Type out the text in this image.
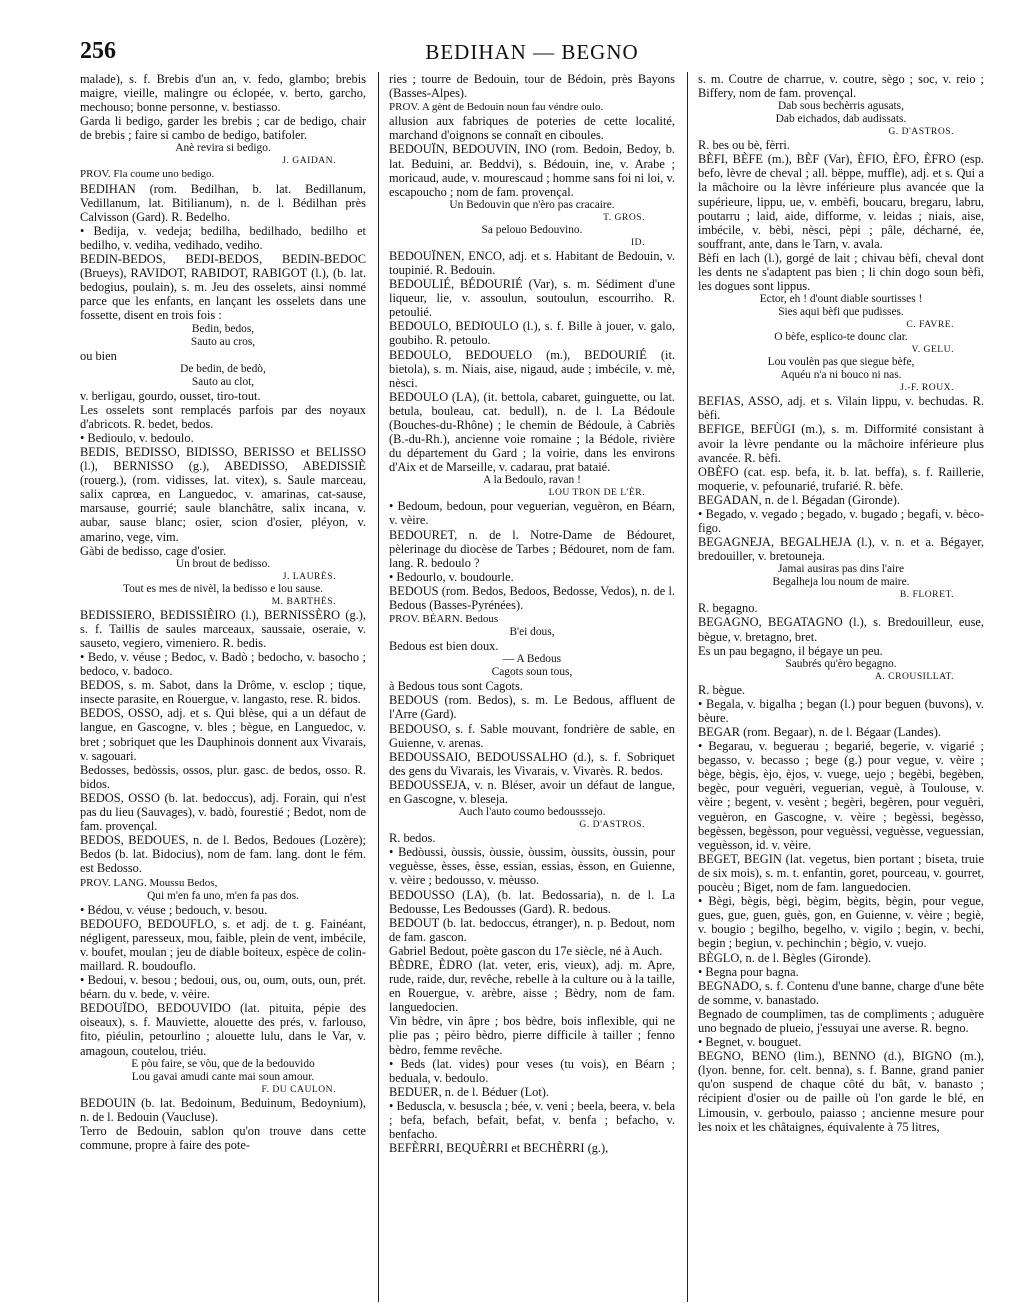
256	BEDIHAN — BEGNO

malade), s. f. Brebis d'un an, v. fedo, glambo; brebis maigre, vieille, malingre ou éclopée, v. berto, garcho, mechouso; bonne personne, v. bestiasso.

Garda li bedigo, garder les brebis ; car de bedigo, chair de brebis ; faire si cambo de bedigo, batifoler.

Anè revira si bedigo.

J. GAIDAN.

PROV. Fla coume uno bedigo.

BEDIHAN (rom. Bedilhan, b. lat. Bedillanum, Vedillanum, lat. Bitilianum), n. de l. Bédilhan près Calvisson (Gard). R. Bedelho.

• Bedija, v. vedeja; bedilha, bedilhado, bedilho et bedilho, v. vediha, vedihado, vediho.

BEDIN-BEDOS, BEDI-BEDOS, BEDIN-BEDOC (Brueys), RAVIDOT, RABIDOT, RABIGOT (l.), (b. lat. bedogius, poulain), s. m. Jeu des osselets, ainsi nommé parce que les enfants, en lançant les osselets dans une fossette, disent en trois fois :

Bedin, bedos,

Sauto au cros,

ou bien

De bedin, de bedò,

Sauto au clot,

v. berligau, gourdo, ousset, tiro-tout.

Les osselets sont remplacés parfois par des noyaux d'abricots. R. bedet, bedos.

• Bedioulo, v. bedoulo.

BEDIS, BEDISSO, BIDISSO, BERISSO et BELISSO (l.), BERNISSO (g.), ABEDISSO, ABEDISSIÈ (rouerg.), (rom. vidisses, lat. vitex), s. Saule marceau, salix caprœa, en Languedoc, v. amarinas, cat-sause, marsause, gourrié; saule blanchâtre, salix incana, v. aubar, sause blanc; osier, scion d'osier, pléyon, v. amarino, vege, vim.

Gàbi de bedisso, cage d'osier.

Un brout de bedisso.

J. LAURÈS.

Tout es mes de nivèl, la bedisso e lou sause.

M. BARTHÉS.

BEDISSIERO, BEDISSIÈIRO (l.), BERNISSÈRO (g.), s. f. Taillis de saules marceaux, saussaie, oseraie, v. sauseto, vegiero, vimeniero. R. bedis.

• Bedo, v. véuse ; Bedoc, v. Badò ; bedocho, v. basocho ; bedoco, v. badoco.

BEDOS, s. m. Sabot, dans la Drôme, v. esclop ; tique, insecte parasite, en Rouergue, v. langasto, rese. R. bidos.

BEDOS, OSSO, adj. et s. Qui blèse, qui a un défaut de langue, en Gascogne, v. bles ; bègue, en Languedoc, v. bret ; sobriquet que les Dauphinois donnent aux Vivarais, v. sagouari.

Bedosses, bedòssis, ossos, plur. gasc. de bedos, osso. R. bidos.

BEDOS, OSSO (b. lat. bedoccus), adj. Forain, qui n'est pas du lieu (Sauvages), v. badò, fourestié ; Bedot, nom de fam. provençal.

BEDOS, BEDOUES, n. de l. Bedos, Bedoues (Lozère); Bedos (b. lat. Bidocius), nom de fam. lang. dont le fém. est Bedosso.

PROV. LANG. Moussu Bedos,

Qui m'en fa uno, m'en fa pas dos.

• Bédou, v. véuse ; bedouch, v. besou.

BEDOUFO, BEDOUFLO, s. et adj. de t. g. Fainéant, négligent, paresseux, mou, faible, plein de vent, imbécile, v. boufet, moulan ; jeu de diable boiteux, espèce de colin-maillard. R. boudouflo.

• Bedoui, v. besou ; bedoui, ous, ou, oum, outs, oun, prét. béarn. du v. bede, v. vèire.

BEDOUÏDO, BEDOUVIDO (lat. pituita, pépie des oiseaux), s. f. Mauviette, alouette des prés, v. farlouso, fito, piéulin, petourlino ; alouette lulu, dans le Var, v. amagoun, coutelou, triéu.

E pòu faire, se vòu, que de la bedouvido

Lou gavai amudi cante mai soun amour.

F. DU CAULON.

BEDOUIN (b. lat. Bedoinum, Beduinum, Bedoynium), n. de l. Bedouin (Vaucluse).

Terro de Bedouin, sablon qu'on trouve dans cette commune, propre à faire des pote-

ries ; tourre de Bedouin, tour de Bédoin, près Bayons (Basses-Alpes).

PROV. A gènt de Bedouin noun fau véndre oulo.

allusion aux fabriques de poteries de cette localité, marchand d'oignons se connaît en ciboules.

BEDOUÏN, BEDOUVIN, INO (rom. Bedoin, Bedoy, b. lat. Beduini, ar. Beddvi), s. Bédouin, ine, v. Arabe ; moricaud, aude, v. mourescaud ; homme sans foi ni loi, v. escapoucho ; nom de fam. provençal.

Un Bedouvin que n'èro pas cracaire.

T. GROS.

Sa pelouo Bedouvino.

ID.

BEDOUÏNEN, ENCO, adj. et s. Habitant de Bedouin, v. toupinié. R. Bedouin.

BEDOULIÉ, BÉDOURIÉ (Var), s. m. Sédiment d'une liqueur, lie, v. assoulun, soutoulun, escourriho. R. petoulié.

BEDOULO, BEDIOULO (l.), s. f. Bille à jouer, v. galo, goubiho. R. petoulo.

BEDOULO, BEDOUELO (m.), BEDOURIÉ (it. bietola), s. m. Niais, aise, nigaud, aude ; imbécile, v. mè, nèsci.

BEDOULO (LA), (it. bettola, cabaret, guinguette, ou lat. betula, bouleau, cat. bedull), n. de l. La Bédoule (Bouches-du-Rhône) ; le chemin de Bédoule, à Cabriès (B.-du-Rh.), ancienne voie romaine ; la Bédole, rivière du département du Gard ; la voirie, dans les environs d'Aix et de Marseille, v. cadarau, prat bataié.

A la Bedoulo, ravan !

LOU TRON DE L'ÈR.

• Bedoum, bedoun, pour veguerian, veguèron, en Béarn, v. vèire.

BEDOURET, n. de l. Notre-Dame de Bédouret, pèlerinage du diocèse de Tarbes ; Bédouret, nom de fam. lang. R. bedoulo ?

• Bedourlo, v. boudourle.

BEDOUS (rom. Bedos, Bedoos, Bedosse, Vedos), n. de l. Bedous (Basses-Pyrénées).

PROV. BÉARN. Bedous

B'ei dous,

Bedous est bien doux.

— A Bedous

Cagots soun tous,

à Bedous tous sont Cagots.

BEDOUS (rom. Bedos), s. m. Le Bedous, affluent de l'Arre (Gard).

BEDOUSO, s. f. Sable mouvant, fondrière de sable, en Guienne, v. arenas.

BEDOUSSAIO, BEDOUSSALHO (d.), s. f. Sobriquet des gens du Vivarais, les Vivarais, v. Vivarès. R. bedos.

BEDOUSSEJA, v. n. Bléser, avoir un défaut de langue, en Gascogne, v. bleseja.

Auch l'auto coumo bedousssejo.

G. D'ASTROS.

R. bedos.

• Bedòussi, òussis, òussie, òussim, òussits, òussin, pour veguèsse, èsses, èsse, essian, essias, èsson, en Guienne, v. vèire ; bedousso, v. mèusso.

BEDOUSSO (LA), (b. lat. Bedossaria), n. de l. La Bedousse, Les Bedousses (Gard). R. bedous.

BEDOUT (b. lat. bedoccus, étranger), n. p. Bedout, nom de fam. gascon.

Gabriel Bedout, poète gascon du 17e siècle, né à Auch.

BÈDRE, ÈDRO (lat. veter, eris, vieux), adj. m. Apre, rude, raide, dur, revêche, rebelle à la culture ou à la taille, en Rouergue, v. arèbre, aisse ; Bèdry, nom de fam. languedocien.

Vin bèdre, vin âpre ; bos bèdre, bois inflexible, qui ne plie pas ; pèiro bèdro, pierre difficile à tailler ; fenno bèdro, femme revêche.

• Beds (lat. vides) pour veses (tu vois), en Béarn ; beduala, v. bedoulo.

BEDUER, n. de l. Béduer (Lot).

• Beduscla, v. besuscla ; bée, v. veni ; beela, beera, v. bela ; befa, befach, befait, befat, v. benfa ; befacho, v. benfacho.

BEFÈRRI, BEQUÈRRI et BECHÈRRI (g.),

s. m. Coutre de charrue, v. coutre, sègo ; soc, v. reio ; Biffery, nom de fam. provençal.

Dab sous bechèrris agusats,

Dab eichados, dab audissats.

G. D'ASTROS.

R. bes ou bè, fèrri.

BÈFI, BÈFE (m.), BÈF (Var), ÈFIO, ÈFO, ÈFRO (esp. befo, lèvre de cheval ; all. bëppe, muffle), adj. et s. Qui a la mâchoire ou la lèvre inférieure plus avancée que la supérieure, lippu, ue, v. embèfi, boucaru, bregaru, labru, poutarru ; laid, aide, difforme, v. leidas ; niais, aise, imbécile, v. bèbi, nèsci, pèpi ; pâle, décharné, ée, souffrant, ante, dans le Tarn, v. avala.

Bèfi en lach (l.), gorgé de lait ; chivau bèfi, cheval dont les dents ne s'adaptent pas bien ; li chin dogo soun bèfi, les dogues sont lippus.

Ector, eh ! d'ount diable sourtisses !

Sies aqui bèfi que pudisses.

C. FAVRE.

O bèfe, esplico-te dounc clar.

V. GELU.

Lou voulèn pas que siegue bèfe,

Aquéu n'a ni bouco ni nas.

J.-F. ROUX.

BEFIAS, ASSO, adj. et s. Vilain lippu, v. bechudas. R. bèfi.

BEFIGE, BEFÙGI (m.), s. m. Difformité consistant à avoir la lèvre pendante ou la mâchoire inférieure plus avancée. R. bèfi.

OBÈFO (cat. esp. befa, it. b. lat. beffa), s. f. Raillerie, moquerie, v. pefounarié, trufarié. R. bèfe.

BEGADAN, n. de l. Bégadan (Gironde).

• Begado, v. vegado ; begado, v. bugado ; begafi, v. bèco-figo.

BEGAGNEJA, BEGALHEJA (l.), v. n. et a. Bégayer, bredouiller, v. bretouneja.

Jamai ausiras pas dins l'aire

Begalheja lou noum de maire.

B. FLORET.

R. begagno.

BEGAGNO, BEGATAGNO (l.), s. Bredouilleur, euse, bègue, v. bretagno, bret.

Es un pau begagno, il bégaye un peu.

Saubrés qu'èro begagno.

A. CROUSILLAT.

R. bègue.

• Begala, v. bigalha ; began (l.) pour beguen (buvons), v. bèure.

BEGAR (rom. Begaar), n. de l. Bégaar (Landes).

• Begarau, v. beguerau ; begarié, begerie, v. vigarié ; begasso, v. becasso ; bege (g.) pour vegue, v. vèire ; bège, bègis, èjo, èjos, v. vuege, uejo ; begèbi, begèben, begèc, pour veguèri, veguerian, veguè, à Toulouse, v. vèire ; begent, v. vesènt ; begèri, begèren, pour veguèri, veguèron, en Gascogne, v. vèire ; begèssi, begèsso, begèssen, begèsson, pour veguèssi, veguèsse, veguessian, veguèsson, id. v. vèire.

BEGET, BEGIN (lat. vegetus, bien portant ; biseta, truie de six mois), s. m. t. enfantin, goret, pourceau, v. gourret, poucèu ; Biget, nom de fam. languedocien.

• Bègi, bègis, bègi, bègim, bègits, bègin, pour vegue, gues, gue, guen, guès, gon, en Guienne, v. vèire ; begiè, v. bougio ; begilho, begelho, v. vigilo ; begin, v. bechi, begin ; begiun, v. pechinchin ; bègio, v. vuejo.

BÈGLO, n. de l. Bègles (Gironde).

• Begna pour bagna.

BEGNADO, s. f. Contenu d'une banne, charge d'une bête de somme, v. banastado.

Begnado de coumplimen, tas de compliments ; aduguère uno begnado de plueio, j'essuyai une averse. R. begno.

• Begnet, v. bouguet.

BEGNO, BENO (lim.), BENNO (d.), BIGNO (m.), (lyon. benne, for. celt. benna), s. f. Banne, grand panier qu'on suspend de chaque côté du bât, v. banasto ; récipient d'osier ou de paille où l'on garde le blé, en Limousin, v. gerboulo, paiasso ; ancienne mesure pour les noix et les châtaignes, équivalente à 75 litres,
